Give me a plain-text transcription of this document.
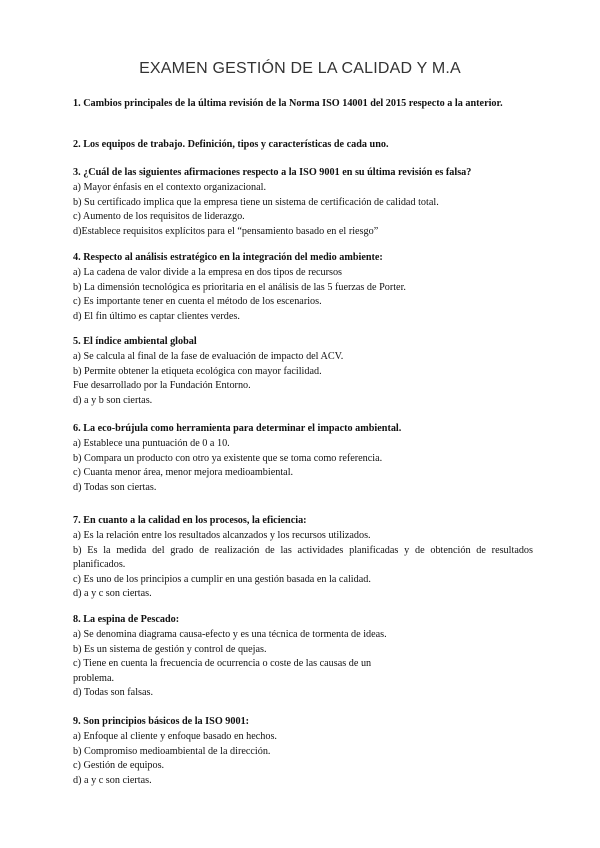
EXAMEN GESTIÓN DE LA CALIDAD Y M.A
1. Cambios principales de la última revisión de la Norma ISO 14001 del 2015 respecto a la anterior.
2. Los equipos de trabajo. Definición, tipos y características de cada uno.
3. ¿Cuál de las siguientes afirmaciones respecto a la ISO 9001 en su última revisión es falsa?
a) Mayor énfasis en el contexto organizacional.
b) Su certificado implica que la empresa tiene un sistema de certificación de calidad total.
c) Aumento de los requisitos de liderazgo.
d)Establece requisitos explícitos para el “pensamiento basado en el riesgo”
4. Respecto al análisis estratégico en la integración del medio ambiente:
a) La cadena de valor divide a la empresa en dos tipos de recursos
b) La dimensión tecnológica es prioritaria en el análisis de las 5 fuerzas de Porter.
c) Es importante tener en cuenta el método de los escenarios.
d) El fin último es captar clientes verdes.
5. El índice ambiental global
a) Se calcula al final de la fase de evaluación de impacto del ACV.
b) Permite obtener la etiqueta ecológica con mayor facilidad.
Fue desarrollado por la Fundación Entorno.
d) a y b son ciertas.
6. La eco-brújula como herramienta para determinar el impacto ambiental.
a) Establece una puntuación de 0 a 10.
b) Compara un producto con otro ya existente que se toma como referencia.
c) Cuanta menor área, menor mejora medioambiental.
d) Todas son ciertas.
7. En cuanto a la calidad en los procesos, la eficiencia:
a) Es la relación entre los resultados alcanzados y los recursos utilizados.
b) Es la medida del grado de realización de las actividades planificadas y de obtención de resultados planificados.
c) Es uno de los principios a cumplir en una gestión basada en la calidad.
d) a y c son ciertas.
8. La espina de Pescado:
a) Se denomina diagrama causa-efecto y es una técnica de tormenta de ideas.
b) Es un sistema de gestión y control de quejas.
c) Tiene en cuenta la frecuencia de ocurrencia o coste de las causas de un
problema.
d) Todas son falsas.
9. Son principios básicos de la ISO 9001:
a) Enfoque al cliente y enfoque basado en hechos.
b) Compromiso medioambiental de la dirección.
c) Gestión de equipos.
d) a y c son ciertas.
